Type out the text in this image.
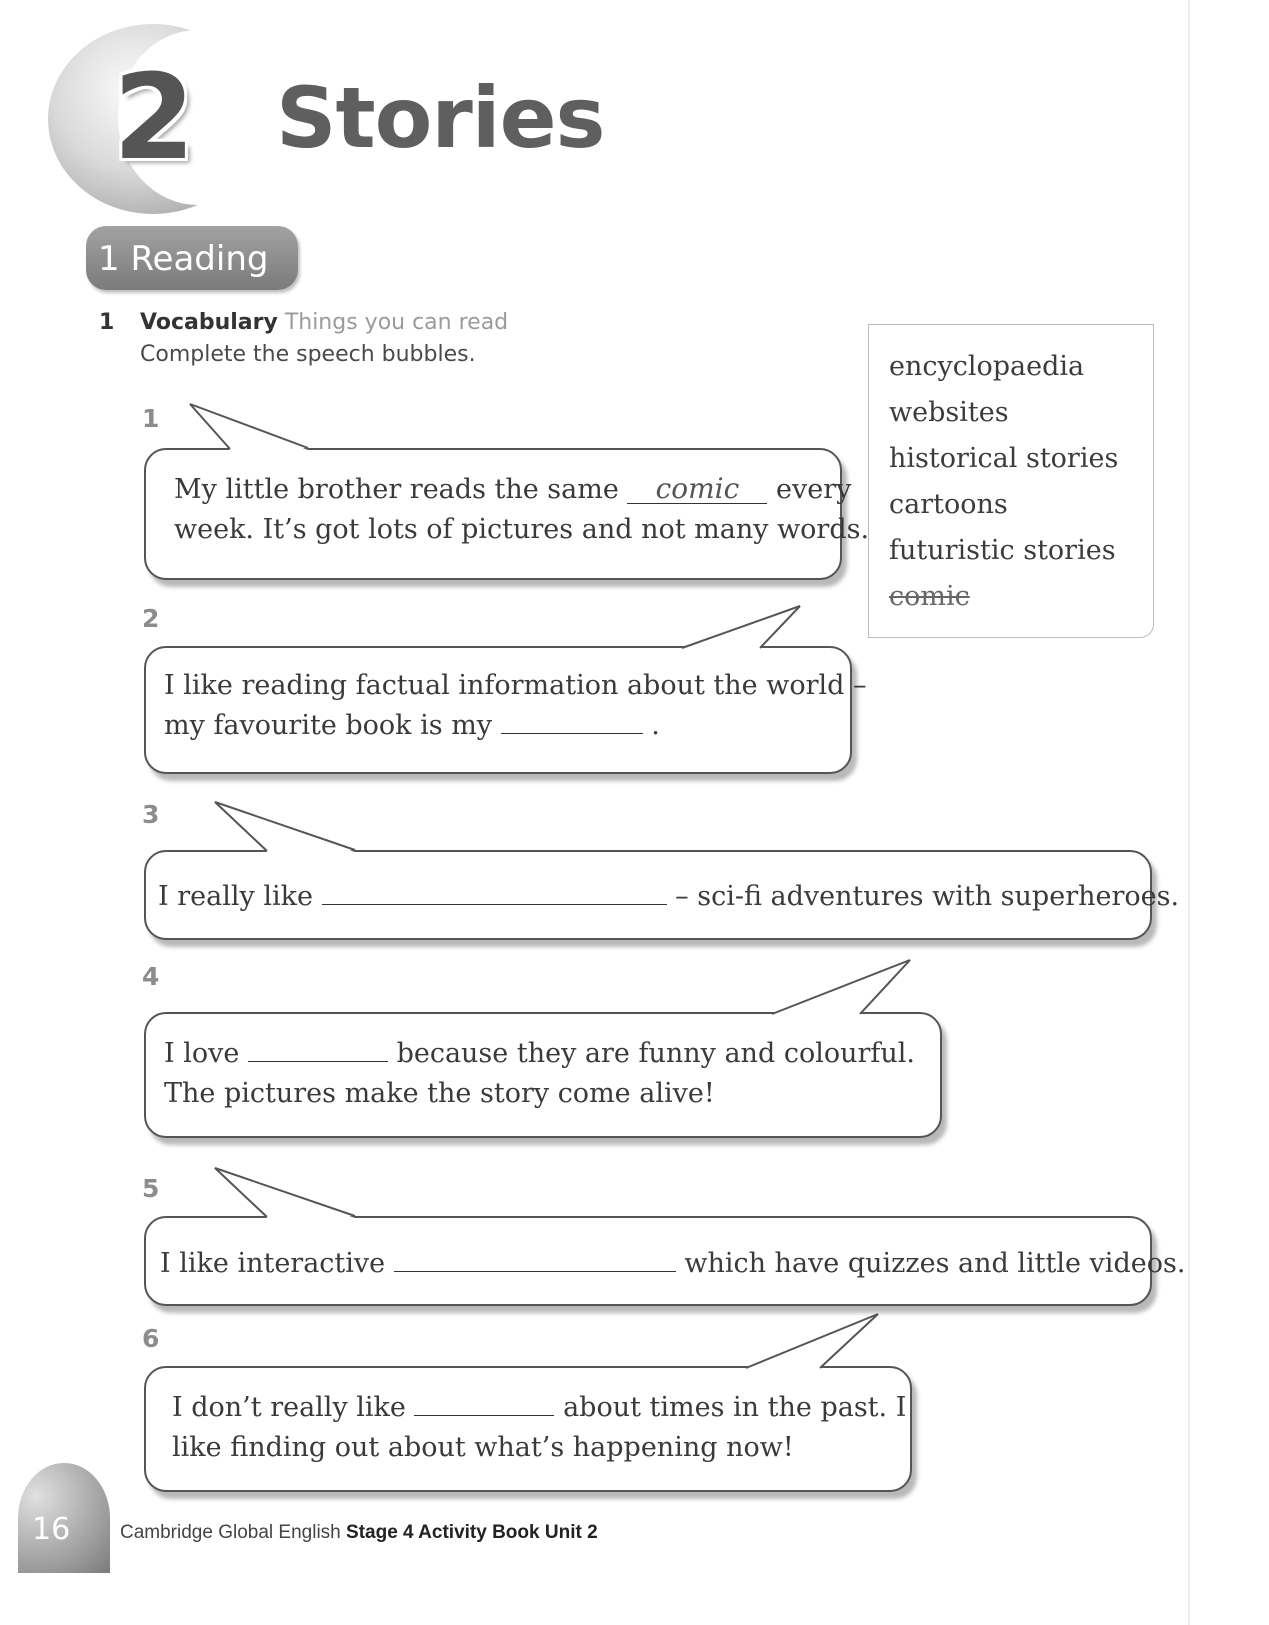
2 Stories
1 Reading
1 Vocabulary Things you can read
Complete the speech bubbles.	encyclopaedia
websites
historical stories
cartoons
futuristic stories
comic
1
My little brother reads the same comic every
week. It’s got lots of pictures and not many words.
2
I like reading factual information about the world –
my favourite book is my	.
3
I really like	– sci-fi adventures with superheroes.
4
I love	because they are funny and colourful.
The pictures make the story come alive!
5
I like interactive	which have quizzes and little videos.
6
I don’t really like	about times in the past. I
like finding out about what’s happening now!
16	Cambridge Global English Stage 4 Activity Book Unit 2
